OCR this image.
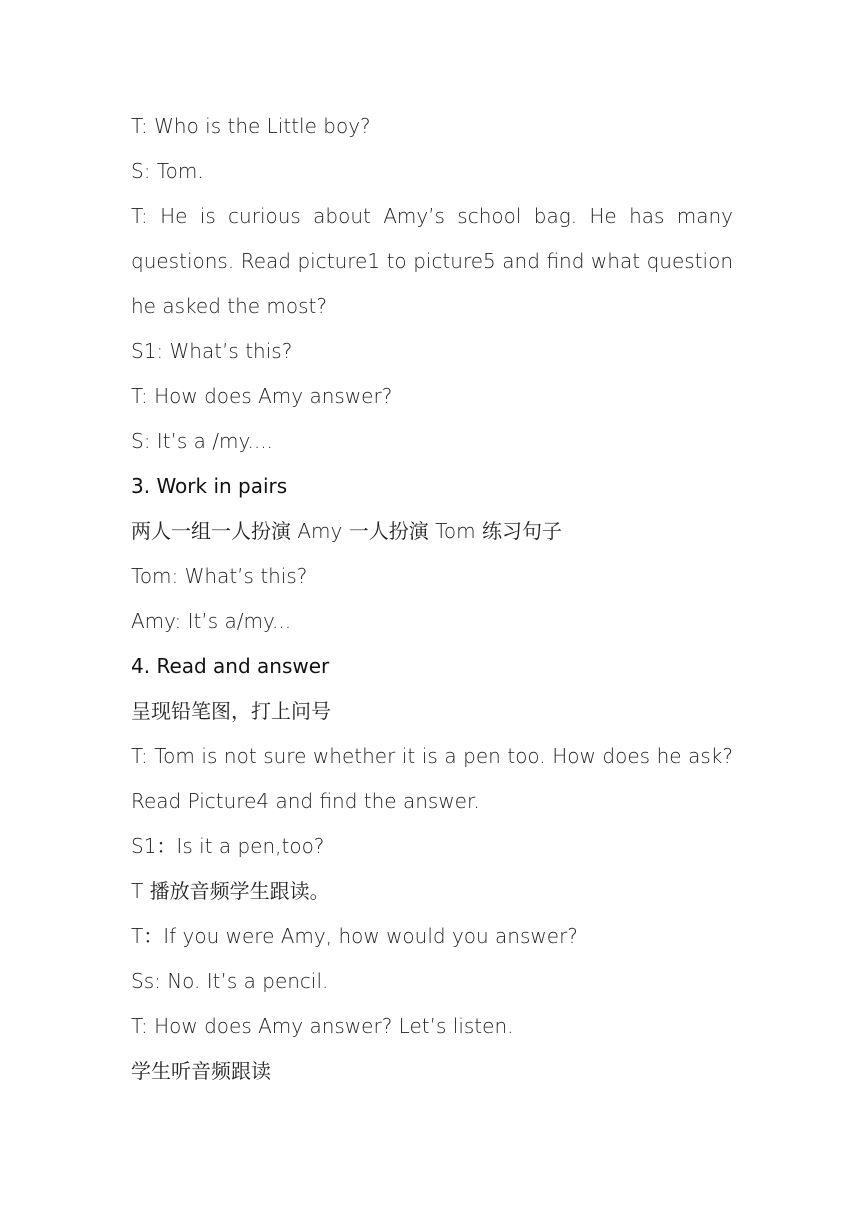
T: Who is the Little boy?
S: Tom.
T: He is curious about Amy’s school bag. He has many questions. Read picture1 to picture5 and find what question he asked the most?
S1: What’s this?
T: How does Amy answer?
S: It’s a /my....
3. Work in pairs
两人一组一人扮演 Amy 一人扮演 Tom 练习句子
Tom: What’s this?
Amy: It’s a/my...
4. Read and answer
呈现铅笔图，打上问号
T: Tom is not sure whether it is a pen too. How does he ask? Read Picture4 and find the answer.
S1：Is it a pen,too?
T 播放音频学生跟读。
T：If you were Amy, how would you answer?
Ss: No. It’s a pencil.
T: How does Amy answer? Let’s listen.
学生听音频跟读
